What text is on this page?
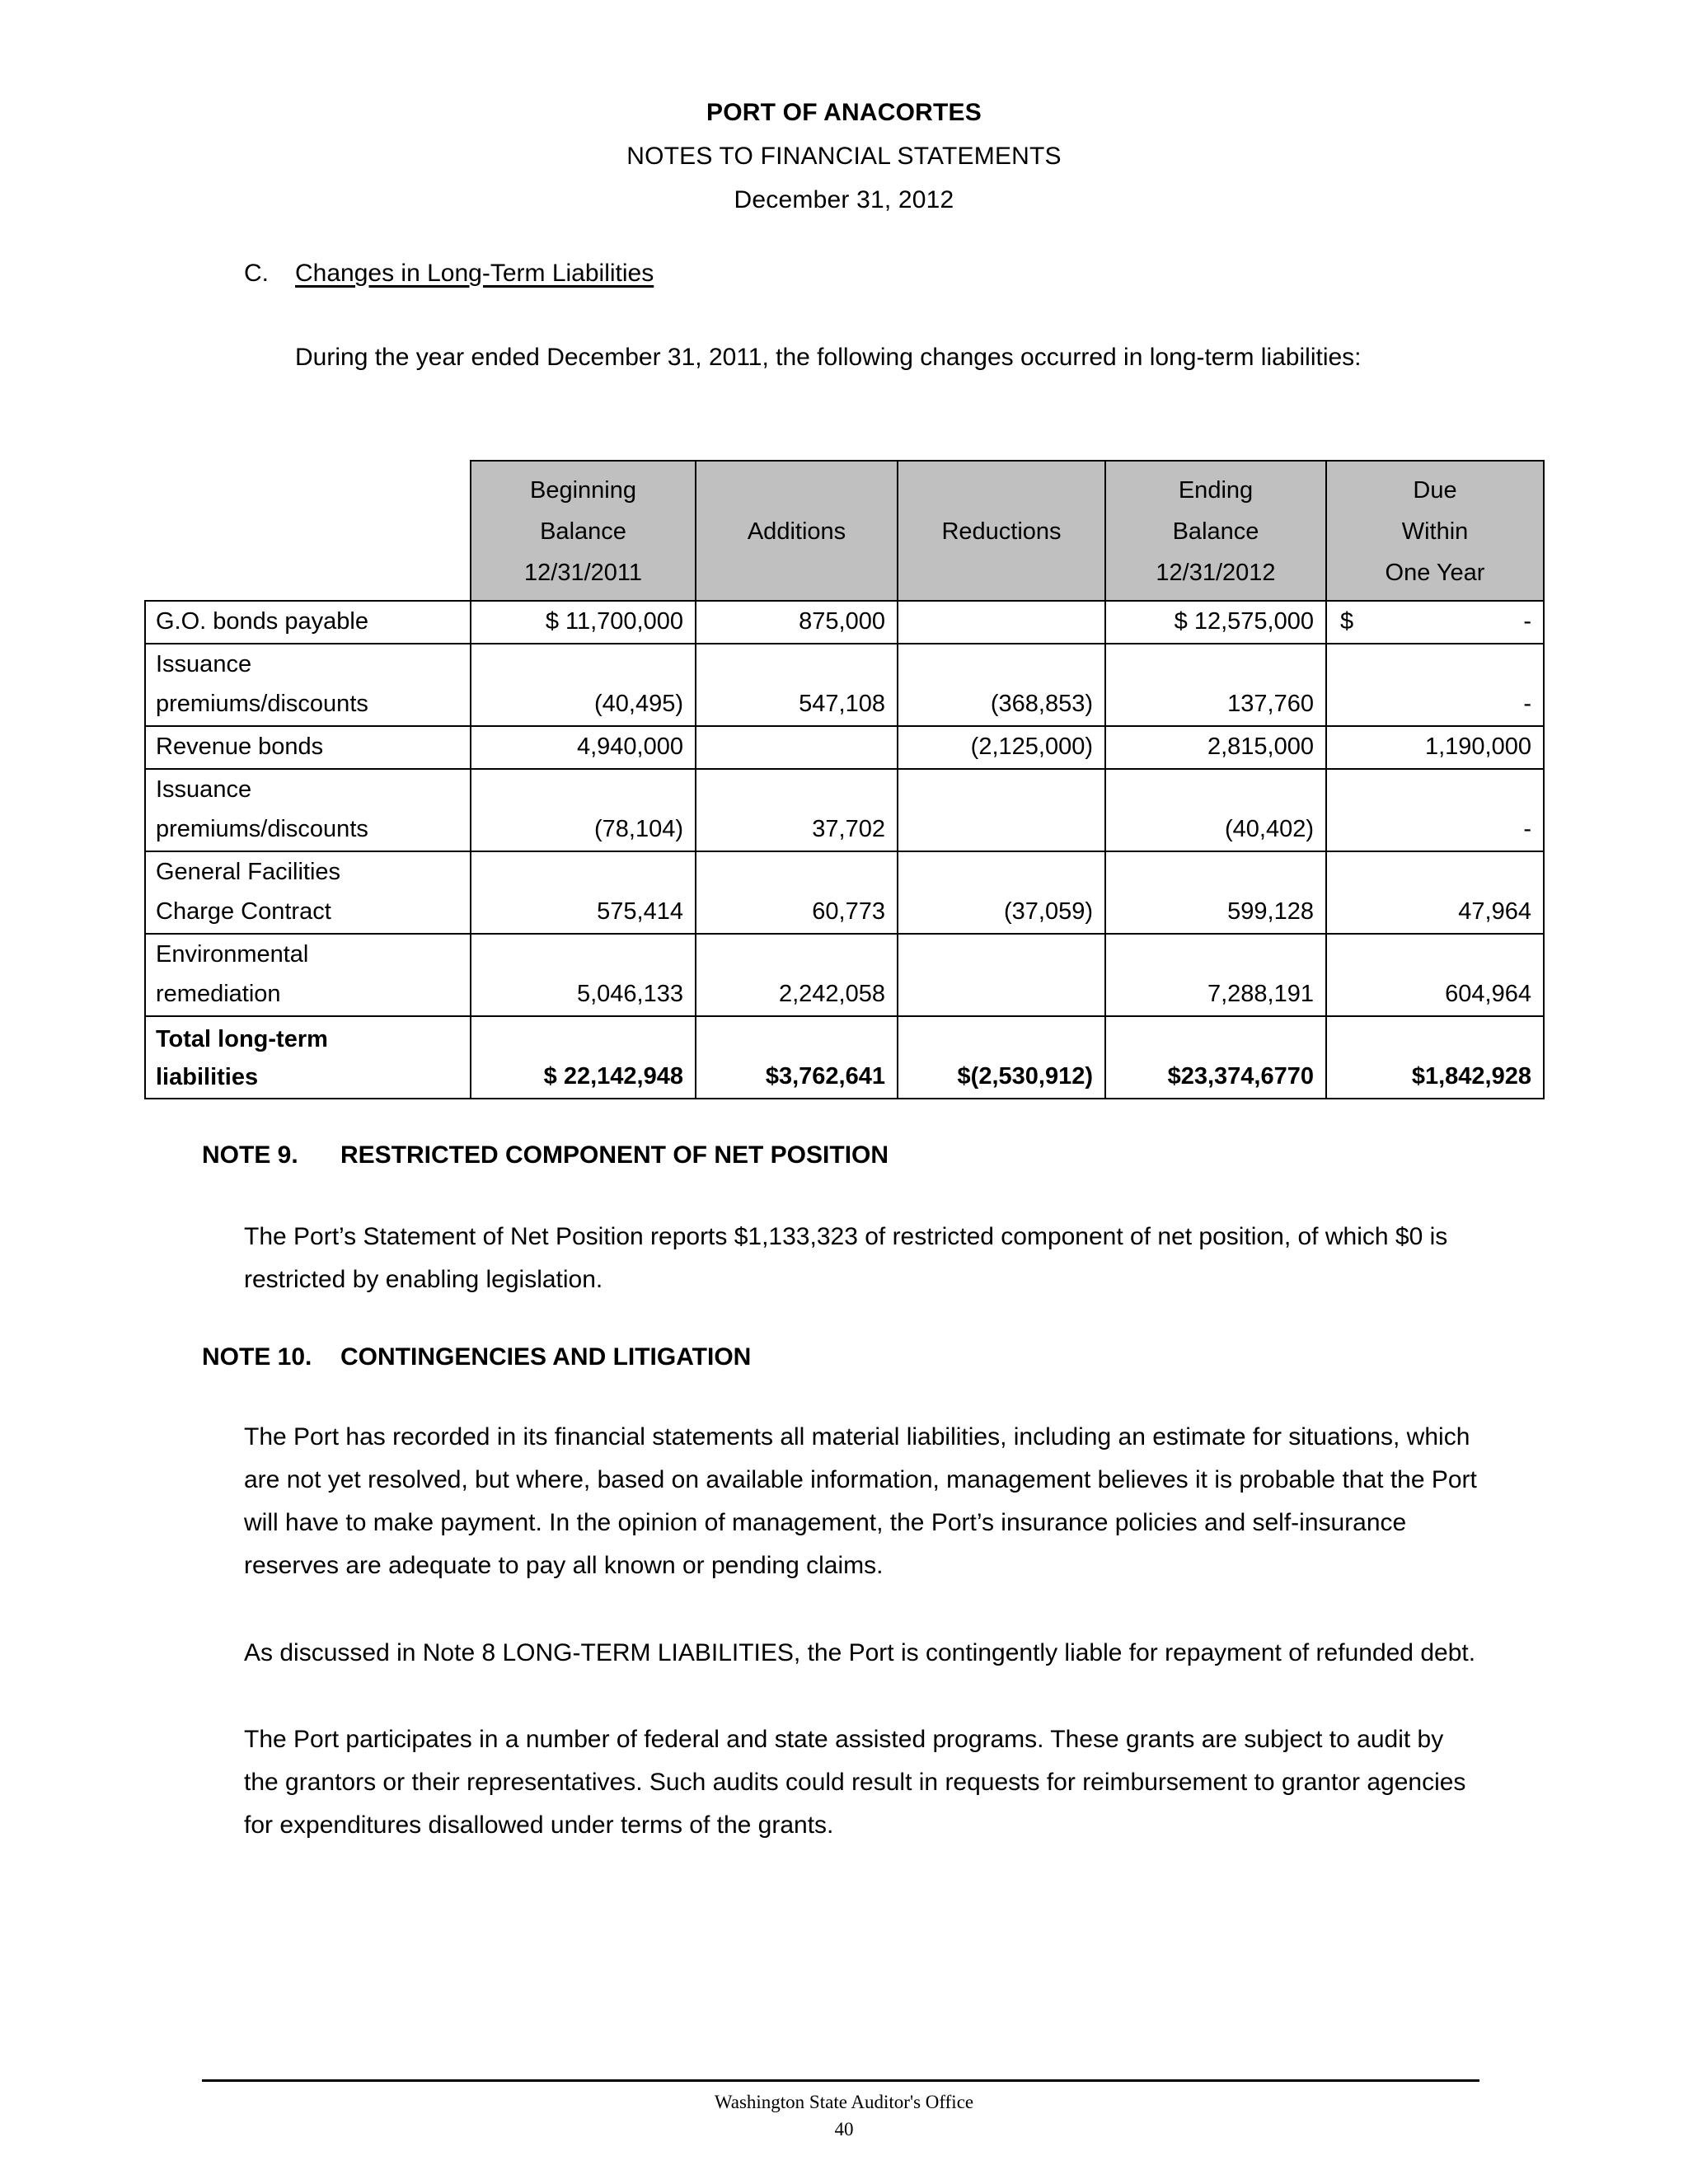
PORT OF ANACORTES
NOTES TO FINANCIAL STATEMENTS
December 31, 2012
C. Changes in Long-Term Liabilities
During the year ended December 31, 2011, the following changes occurred in long-term liabilities:

	Beginning
Balance
12/31/2011	Additions	Reductions	Ending
Balance
12/31/2012	Due
Within
One Year

G.O. bonds payable	$ 11,700,000	875,000		$ 12,575,000	$ -

Issuance
premiums/discounts	(40,495)	547,108	(368,853)	137,760	-

Revenue bonds	4,940,000		(2,125,000)	2,815,000	1,190,000

Issuance
premiums/discounts	(78,104)	37,702		(40,402)	-

General Facilities
Charge Contract	575,414	60,773	(37,059)	599,128	47,964

Environmental
remediation	5,046,133	2,242,058		7,288,191	604,964

Total long-term
liabilities	$ 22,142,948	$3,762,641	$(2,530,912)	$23,374,6770	$1,842,928
NOTE 9. RESTRICTED COMPONENT OF NET POSITION
The Port’s Statement of Net Position reports $1,133,323 of restricted component of net position, of which $0 is restricted by enabling legislation.
NOTE 10. CONTINGENCIES AND LITIGATION
The Port has recorded in its financial statements all material liabilities, including an estimate for situations, which are not yet resolved, but where, based on available information, management believes it is probable that the Port will have to make payment. In the opinion of management, the Port’s insurance policies and self-insurance reserves are adequate to pay all known or pending claims.
As discussed in Note 8 LONG-TERM LIABILITIES, the Port is contingently liable for repayment of refunded debt.
The Port participates in a number of federal and state assisted programs. These grants are subject to audit by the grantors or their representatives. Such audits could result in requests for reimbursement to grantor agencies for expenditures disallowed under terms of the grants.
Washington State Auditor's Office
40
